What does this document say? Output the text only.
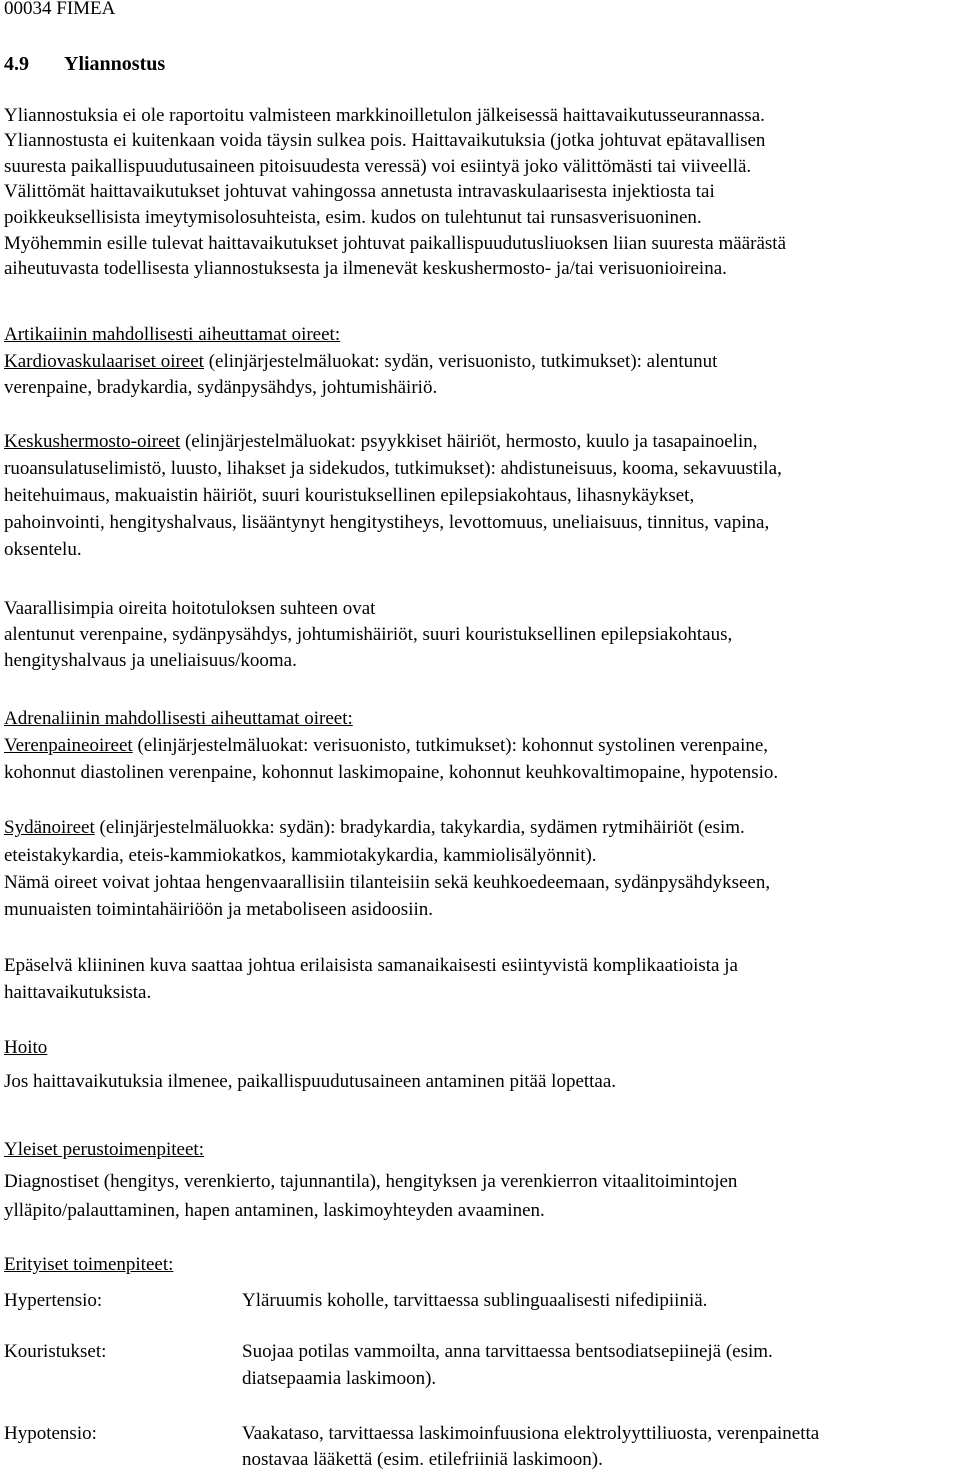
00034 FIMEA
4.9 Yliannostus
Yliannostuksia ei ole raportoitu valmisteen markkinoilletulon jälkeisessä haittavaikutusseurannassa.
Yliannostusta ei kuitenkaan voida täysin sulkea pois. Haittavaikutuksia (jotka johtuvat epätavallisen
suuresta paikallispuudutusaineen pitoisuudesta veressä) voi esiintyä joko välittömästi tai viiveellä.
Välittömät haittavaikutukset johtuvat vahingossa annetusta intravaskulaarisesta injektiosta tai
poikkeuksellisista imeytymisolosuhteista, esim. kudos on tulehtunut tai runsasverisuoninen.
Myöhemmin esille tulevat haittavaikutukset johtuvat paikallispuudutusliuoksen liian suuresta määrästä
aiheutuvasta todellisesta yliannostuksesta ja ilmenevät keskushermosto- ja/tai verisuonioireina.
Artikaiinin mahdollisesti aiheuttamat oireet:
Kardiovaskulaariset oireet (elinjärjestelmäluokat: sydän, verisuonisto, tutkimukset): alentunut
verenpaine, bradykardia, sydänpysähdys, johtumishäiriö.
Keskushermosto-oireet (elinjärjestelmäluokat: psyykkiset häiriöt, hermosto, kuulo ja tasapainoelin,
ruoansulatuselimistö, luusto, lihakset ja sidekudos, tutkimukset): ahdistuneisuus, kooma, sekavuustila,
heitehuimaus, makuaistin häiriöt, suuri kouristuksellinen epilepsiakohtaus, lihasnykäykset,
pahoinvointi, hengityshalvaus, lisääntynyt hengitystiheys, levottomuus, uneliaisuus, tinnitus, vapina,
oksentelu.
Vaarallisimpia oireita hoitotuloksen suhteen ovat
alentunut verenpaine, sydänpysähdys, johtumishäiriöt, suuri kouristuksellinen epilepsiakohtaus,
hengityshalvaus ja uneliaisuus/kooma.
Adrenaliinin mahdollisesti aiheuttamat oireet:
Verenpaineoireet (elinjärjestelmäluokat: verisuonisto, tutkimukset): kohonnut systolinen verenpaine,
kohonnut diastolinen verenpaine, kohonnut laskimopaine, kohonnut keuhkovaltimopaine, hypotensio.
Sydänoireet (elinjärjestelmäluokka: sydän): bradykardia, takykardia, sydämen rytmihäiriöt (esim.
eteistakykardia, eteis-kammiokatkos, kammiotakykardia, kammiolisälyönnit).
Nämä oireet voivat johtaa hengenvaarallisiin tilanteisiin sekä keuhkoedeemaan, sydänpysähdykseen,
munuaisten toimintahäiriöön ja metaboliseen asidoosiin.
Epäselvä kliininen kuva saattaa johtua erilaisista samanaikaisesti esiintyvistä komplikaatioista ja
haittavaikutuksista.
Hoito
Jos haittavaikutuksia ilmenee, paikallispuudutusaineen antaminen pitää lopettaa.
Yleiset perustoimenpiteet:
Diagnostiset (hengitys, verenkierto, tajunnantila), hengityksen ja verenkierron vitaalitoimintojen
ylläpito/palauttaminen, hapen antaminen, laskimoyhteyden avaaminen.
Erityiset toimenpiteet:
Hypertensio:	Yläruumis koholle, tarvittaessa sublinguaalisesti nifedipiiniä.
Kouristukset:	Suojaa potilas vammoilta, anna tarvittaessa bentsodiatsepiinejä (esim.
diatsepaamia laskimoon).
Hypotensio:	Vaakataso, tarvittaessa laskimoinfuusiona elektrolyyttiliuosta, verenpainetta
nostavaa lääkettä (esim. etilefriiniä laskimoon).
